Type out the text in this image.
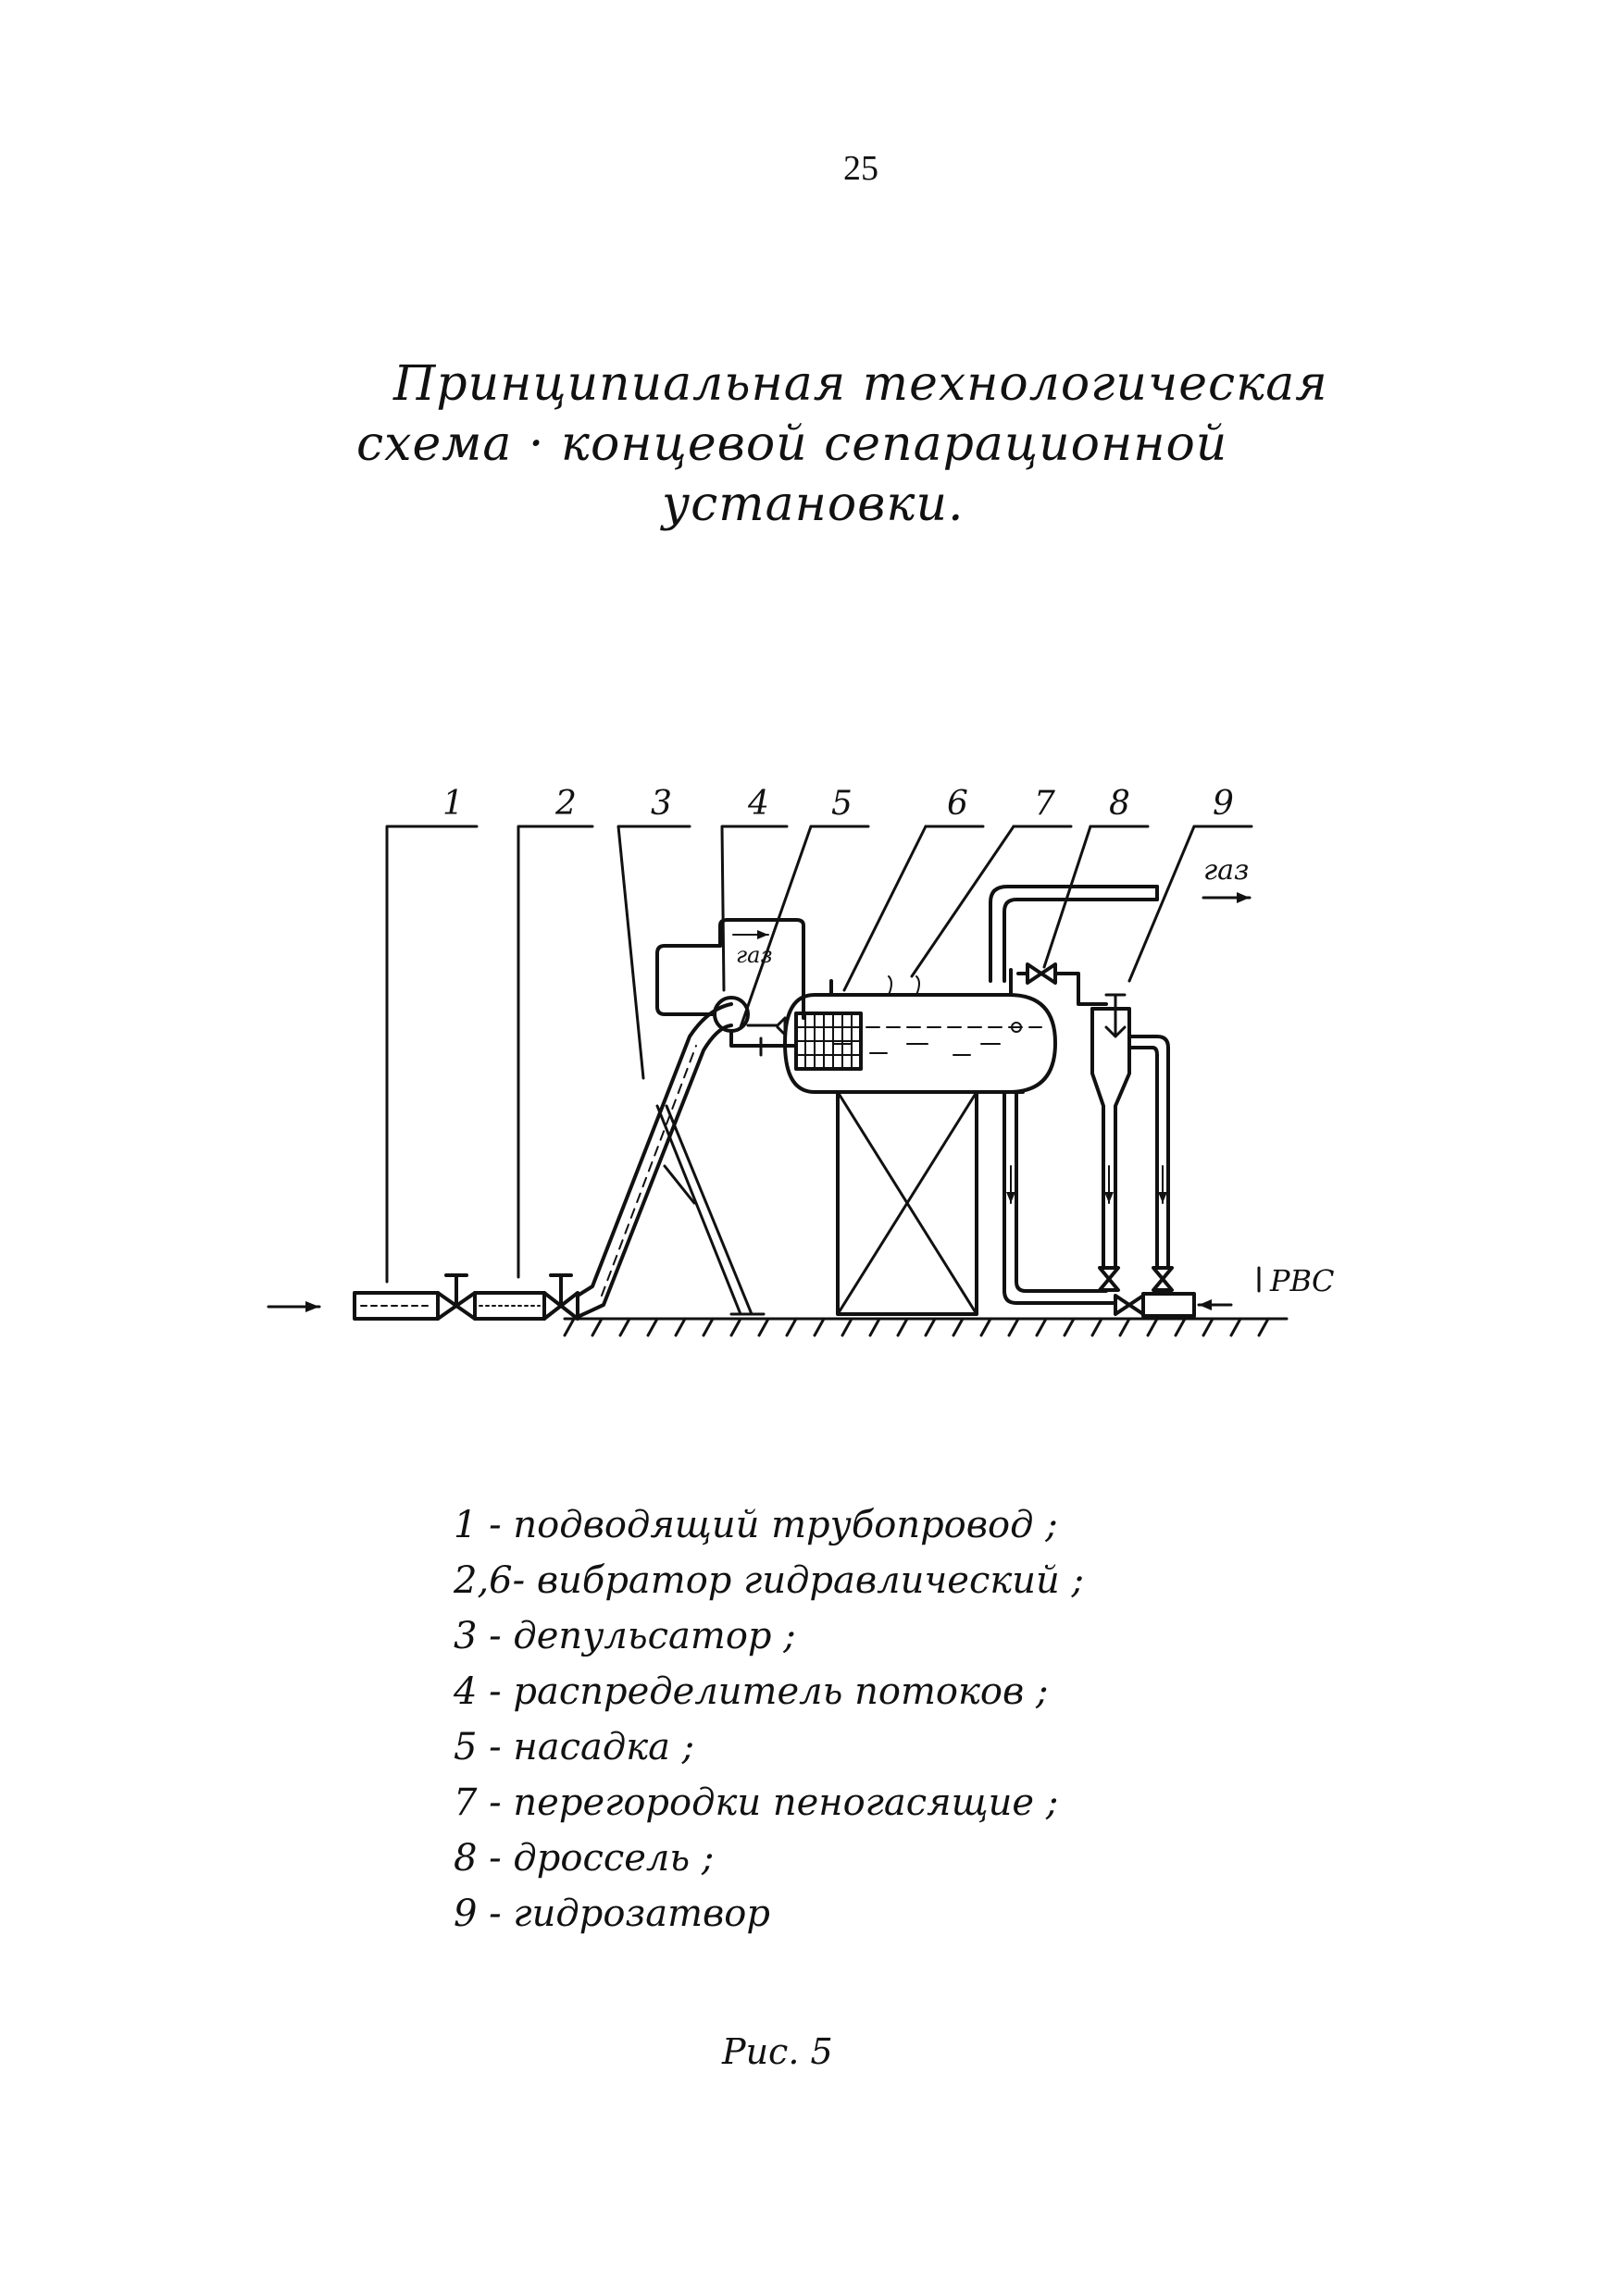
25
Принципиальная технологическая
схема · концевой сепарационной
установки.
1	2 3 4 5	6 7 8 9
газ
газ
РВС
1 - подводящий трубопровод ;
2,6- вибратор гидравлический ;
3 - депульсатор ;
4 - распределитель потоков ;
5 - насадка ;
7 - перегородки пеногасящие ;
8 - дроссель ;
9 - гидрозатвор
Рис. 5
